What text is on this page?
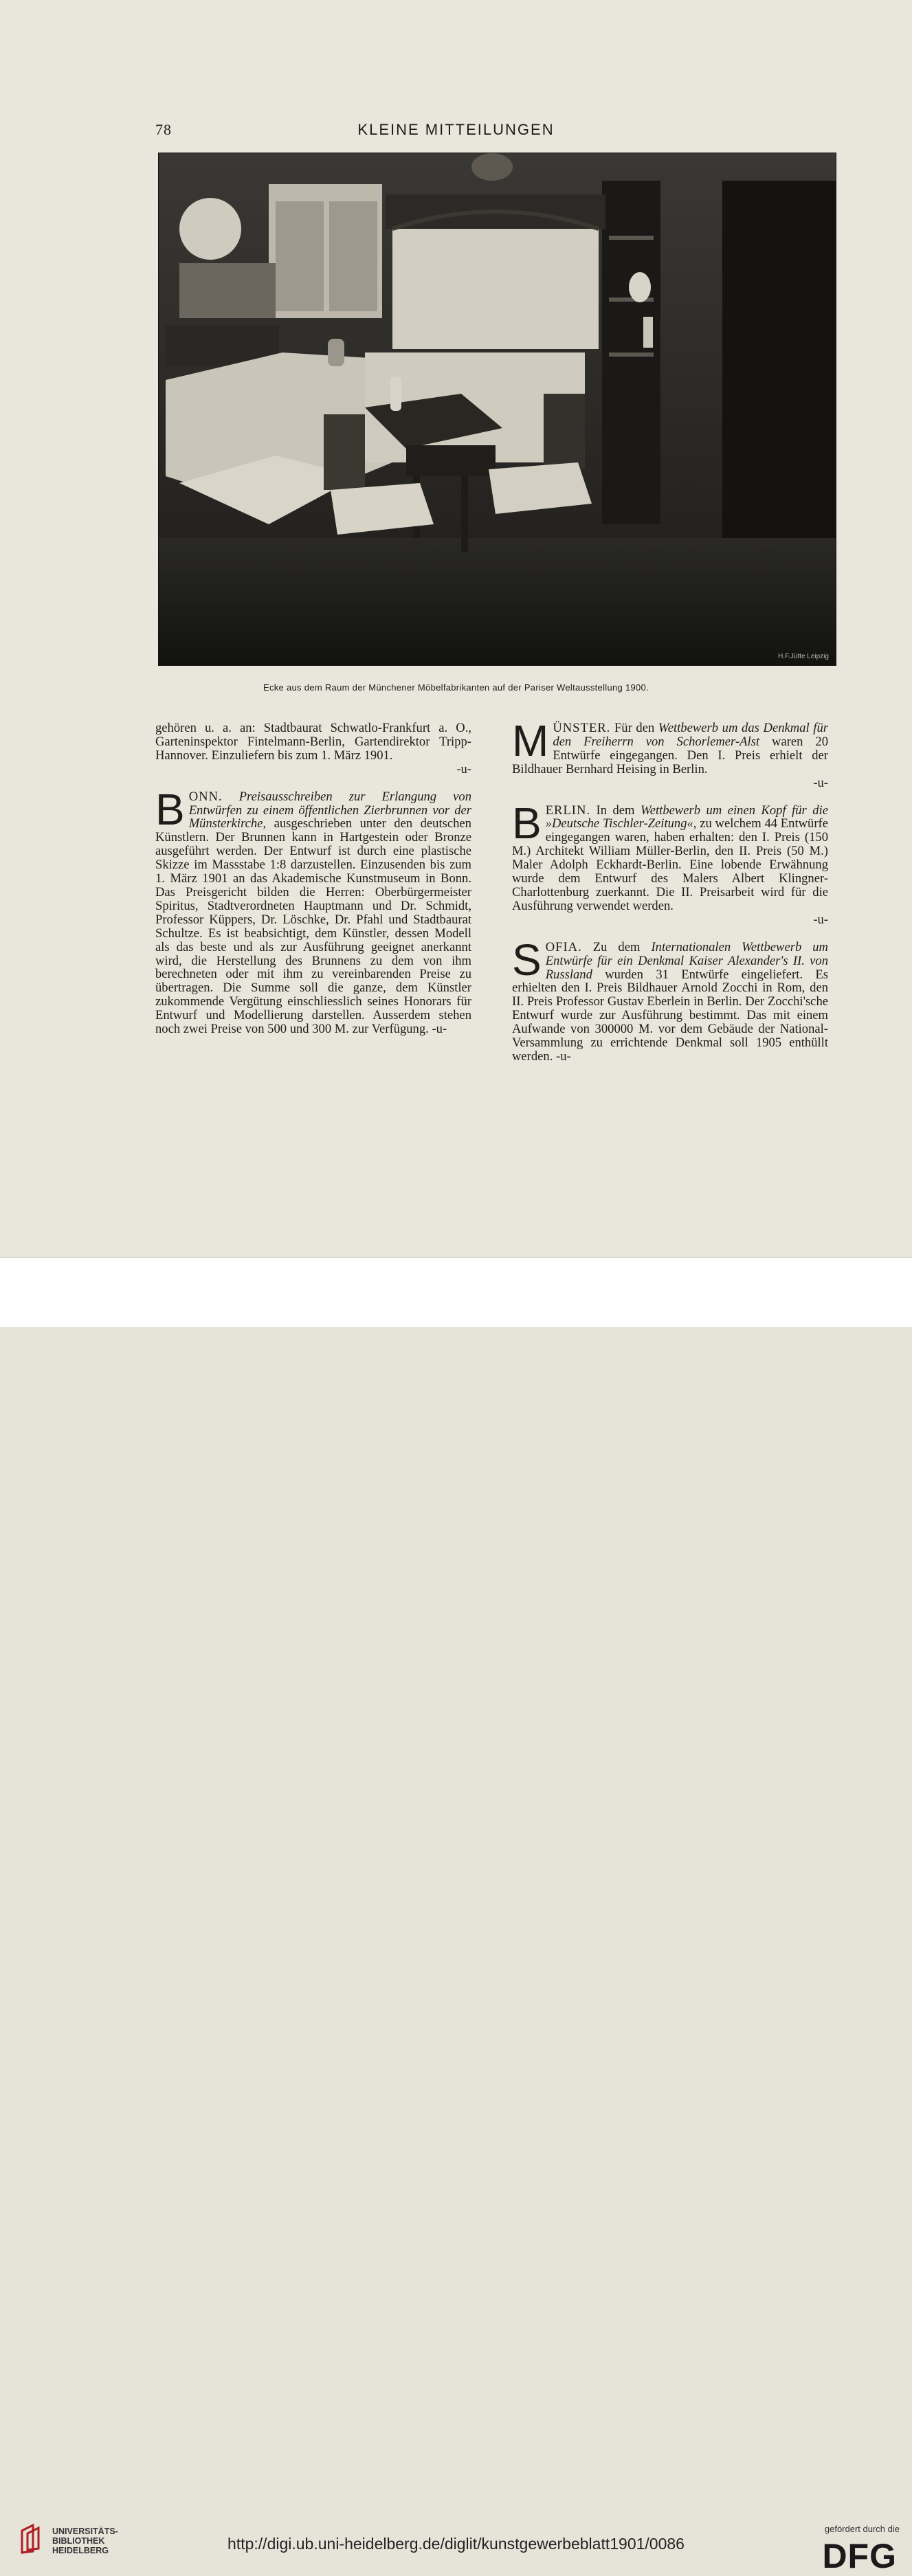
78	KLEINE MITTEILUNGEN
H.F.Jütte Leipzig
Ecke aus dem Raum der Münchener Möbelfabrikanten auf der Pariser Weltausstellung 1900.

gehören u. a. an: Stadtbaurat Schwatlo-Frankfurt a. O., Garteninspektor Fintelmann-Berlin, Gartendirektor Tripp-Hannover. Einzuliefern bis zum 1. März 1901.

-u-

BONN. Preisausschreiben zur Erlangung von Entwürfen zu einem öffentlichen Zierbrunnen vor der Münsterkirche, ausgeschrieben unter den deutschen Künstlern. Der Brunnen kann in Hartgestein oder Bronze ausgeführt werden. Der Entwurf ist durch eine plastische Skizze im Massstabe 1:8 darzustellen. Einzusenden bis zum 1. März 1901 an das Akademische Kunstmuseum in Bonn. Das Preisgericht bilden die Herren: Oberbürgermeister Spiritus, Stadtverordneten Hauptmann und Dr. Schmidt, Professor Küppers, Dr. Löschke, Dr. Pfahl und Stadtbaurat Schultze. Es ist beabsichtigt, dem Künstler, dessen Modell als das beste und als zur Ausführung geeignet anerkannt wird, die Herstellung des Brunnens zu dem von ihm berechneten oder mit ihm zu vereinbarenden Preise zu übertragen. Die Summe soll die ganze, dem Künstler zukommende Vergütung einschliesslich seines Honorars für Entwurf und Modellierung darstellen. Ausserdem stehen noch zwei Preise von 500 und 300 M. zur Verfügung. -u-

MÜNSTER. Für den Wettbewerb um das Denkmal für den Freiherrn von Schorlemer-Alst waren 20 Entwürfe eingegangen. Den I. Preis erhielt der Bildhauer Bernhard Heising in Berlin.

-u-

BERLIN. In dem Wettbewerb um einen Kopf für die »Deutsche Tischler-Zeitung«, zu welchem 44 Entwürfe eingegangen waren, haben erhalten: den I. Preis (150 M.) Architekt William Müller-Berlin, den II. Preis (50 M.) Maler Adolph Eckhardt-Berlin. Eine lobende Erwähnung wurde dem Entwurf des Malers Albert Klingner-Charlottenburg zuerkannt. Die II. Preisarbeit wird für die Ausführung verwendet werden.

-u-

SOFIA. Zu dem Internationalen Wettbewerb um Entwürfe für ein Denkmal Kaiser Alexander's II. von Russland wurden 31 Entwürfe eingeliefert. Es erhielten den I. Preis Bildhauer Arnold Zocchi in Rom, den II. Preis Professor Gustav Eberlein in Berlin. Der Zocchi'sche Entwurf wurde zur Ausführung bestimmt. Das mit einem Aufwande von 300000 M. vor dem Gebäude der National-Versammlung zu errichtende Denkmal soll 1905 enthüllt werden. -u-

UNIVERSITÄTS-
BIBLIOTHEK
HEIDELBERG	http://digi.ub.uni-heidelberg.de/diglit/kunstgewerbeblatt1901/0086
gefördert durch die
DFG
